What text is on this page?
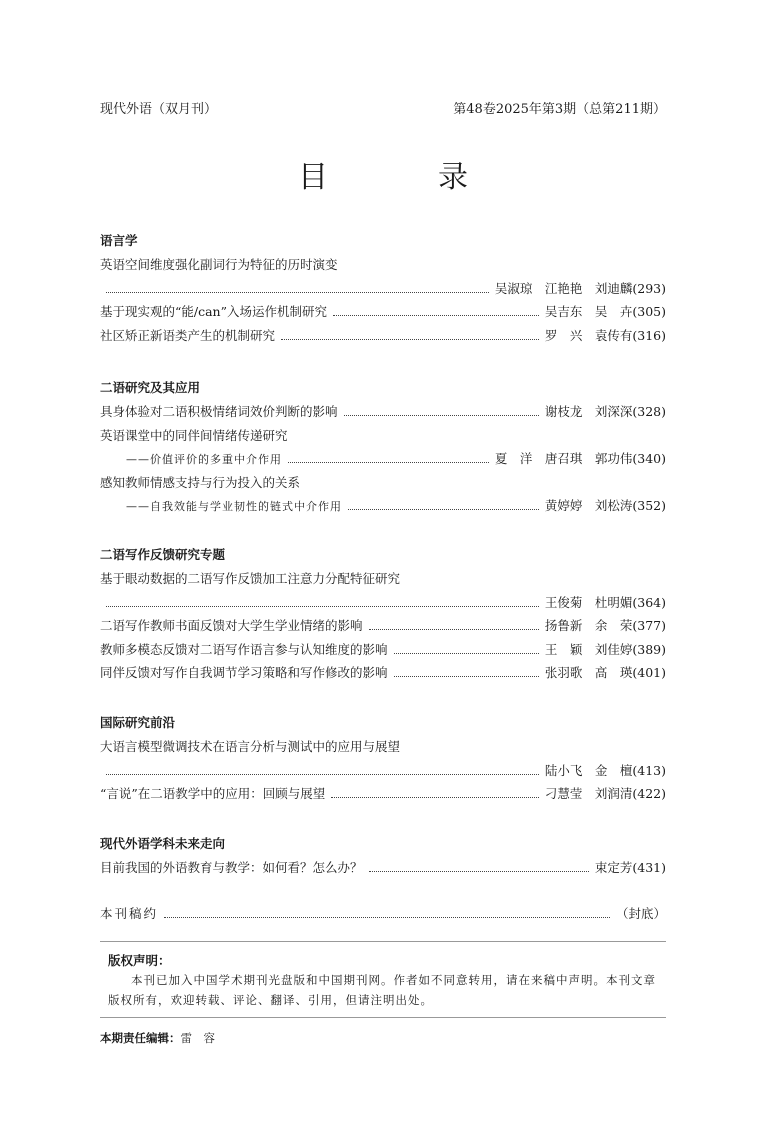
现代外语（双月刊）	第48卷2025年第3期（总第211期）
目　录
语言学
英语空间维度强化副词行为特征的历时演变
吴淑琼　江艳艳　刘迪麟 (293)
基于现实观的“能/can”入场运作机制研究	吴吉东　吴　卉 (305)
社区矫正新语类产生的机制研究	罗　兴　袁传有 (316)
二语研究及其应用
具身体验对二语积极情绪词效价判断的影响	谢枝龙　刘深深 (328)
英语课堂中的同伴间情绪传递研究
——价值评价的多重中介作用	夏　洋　唐召琪　郭功伟 (340)
感知教师情感支持与行为投入的关系
——自我效能与学业韧性的链式中介作用	黄婷婷　刘松涛 (352)
二语写作反馈研究专题
基于眼动数据的二语写作反馈加工注意力分配特征研究
王俊菊　杜明媚 (364)
二语写作教师书面反馈对大学生学业情绪的影响	扬鲁新　余　荣 (377)
教师多模态反馈对二语写作语言参与认知维度的影响	王　颖　刘佳婷 (389)
同伴反馈对写作自我调节学习策略和写作修改的影响	张羽歌　高　瑛 (401)
国际研究前沿
大语言模型微调技术在语言分析与测试中的应用与展望
陆小飞　金　檀 (413)
“言说”在二语教学中的应用：回顾与展望	刁慧莹　刘润清 (422)
现代外语学科未来走向
目前我国的外语教育与教学：如何看？怎么办？	束定芳 (431)
本刊稿约	（封底）
版权声明：
本刊已加入中国学术期刊光盘版和中国期刊网。作者如不同意转用，请在来稿中声明。本刊文章版权所有，欢迎转载、评论、翻译、引用，但请注明出处。
本期责任编辑：雷　容
